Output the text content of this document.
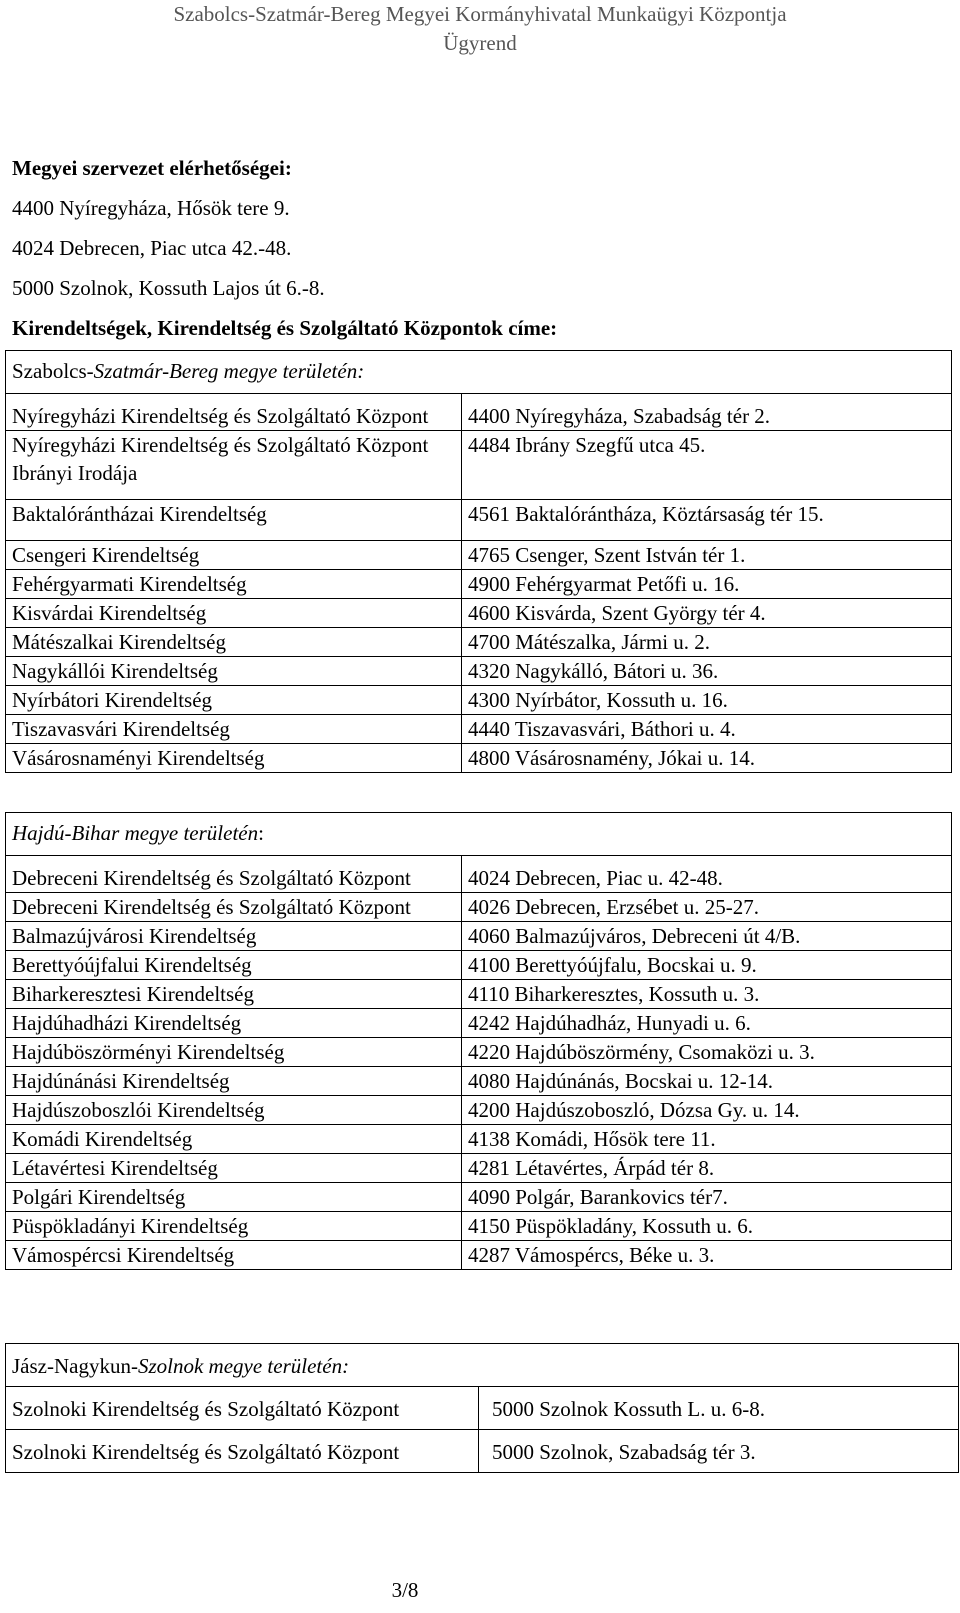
Szabolcs-Szatmár-Bereg Megyei Kormányhivatal Munkaügyi Központja
Ügyrend
Megyei szervezet elérhetőségei:
4400 Nyíregyháza, Hősök tere 9.
4024 Debrecen, Piac utca 42.-48.
5000 Szolnok, Kossuth Lajos út 6.-8.
Kirendeltségek, Kirendeltség és Szolgáltató Központok címe:
Szabolcs-Szatmár-Bereg megye területén:	
Nyíregyházi Kirendeltség és Szolgáltató Központ	4400 Nyíregyháza, Szabadság tér 2.
Nyíregyházi Kirendeltség és Szolgáltató Központ Ibrányi Irodája	4484 Ibrány Szegfű utca 45.
Baktalórántházai Kirendeltség	4561 Baktalórántháza, Köztársaság tér 15.
Csengeri Kirendeltség	4765 Csenger, Szent István tér 1.
Fehérgyarmati Kirendeltség	4900 Fehérgyarmat Petőfi u. 16.
Kisvárdai Kirendeltség	4600 Kisvárda, Szent György tér 4.
Mátészalkai Kirendeltség	4700 Mátészalka, Jármi u. 2.
Nagykállói Kirendeltség	4320 Nagykálló, Bátori u. 36.
Nyírbátori Kirendeltség	4300 Nyírbátor, Kossuth u. 16.
Tiszavasvári Kirendeltség	4440 Tiszavasvári, Báthori u. 4.
Vásárosnaményi Kirendeltség	4800 Vásárosnamény, Jókai u. 14.
Hajdú-Bihar megye területén:	
Debreceni Kirendeltség és Szolgáltató Központ	4024 Debrecen, Piac u. 42-48.
Debreceni Kirendeltség és Szolgáltató Központ	4026 Debrecen, Erzsébet u. 25-27.
Balmazújvárosi Kirendeltség	4060 Balmazújváros, Debreceni út 4/B.
Berettyóújfalui Kirendeltség	4100 Berettyóújfalu, Bocskai u. 9.
Biharkeresztesi Kirendeltség	4110 Biharkeresztes, Kossuth u. 3.
Hajdúhadházi Kirendeltség	4242 Hajdúhadház, Hunyadi u. 6.
Hajdúböszörményi Kirendeltség	4220 Hajdúböszörmény, Csomaközi u. 3.
Hajdúnánási Kirendeltség	4080 Hajdúnánás, Bocskai u. 12-14.
Hajdúszoboszlói Kirendeltség	4200 Hajdúszoboszló, Dózsa Gy. u. 14.
Komádi Kirendeltség	4138 Komádi, Hősök tere 11.
Létavértesi Kirendeltség	4281 Létavértes, Árpád tér 8.
Polgári Kirendeltség	4090 Polgár, Barankovics tér7.
Püspökladányi Kirendeltség	4150 Püspökladány, Kossuth u. 6.
Vámospércsi Kirendeltség	4287 Vámospércs, Béke u. 3.
Jász-Nagykun-Szolnok megye területén:	
Szolnoki Kirendeltség és Szolgáltató Központ	5000 Szolnok Kossuth L. u. 6-8.
Szolnoki Kirendeltség és Szolgáltató Központ	5000 Szolnok, Szabadság tér 3.
3/8
